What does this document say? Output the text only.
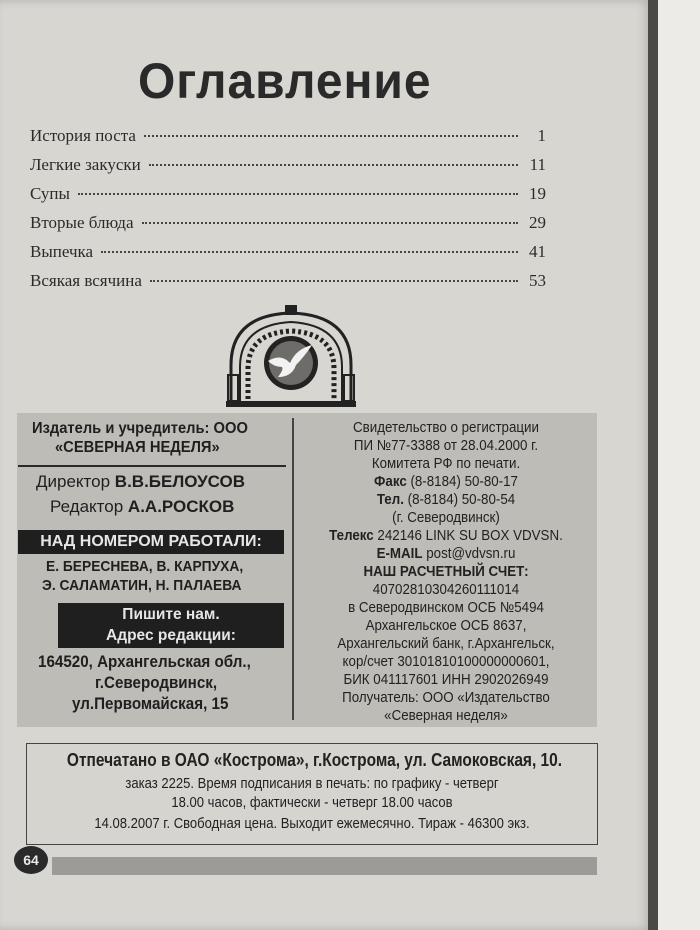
Оглавление
История поста	1
Легкие закуски	11
Супы	19
Вторые блюда	29
Выпечка	41
Всякая всячина	53
Издатель и учредитель: ООО
«СЕВЕРНАЯ НЕДЕЛЯ»
Директор В.В.БЕЛОУСОВ
Редактор А.А.РОСКОВ
НАД НОМЕРОМ РАБОТАЛИ:
Е. БЕРЕСНЕВА, В. КАРПУХА,
Э. САЛАМАТИН, Н. ПАЛАЕВА
Пишите нам.
Адрес редакции:
164520, Архангельская обл.,
г.Северодвинск,
ул.Первомайская, 15
Свидетельство о регистрации
ПИ №77-3388 от 28.04.2000 г.
Комитета РФ по печати.
Факс (8-8184) 50-80-17
Тел. (8-8184) 50-80-54
(г. Северодвинск)
Телекс 242146 LINK SU BOX VDVSN.
E-MAIL post@vdvsn.ru
НАШ РАСЧЕТНЫЙ СЧЕТ:
40702810304260111014
в Северодвинском ОСБ №5494
Архангельское ОСБ 8637,
Архангельский банк, г.Архангельск,
кор/счет 30101810100000000601,
БИК 041117601 ИНН 2902026949
Получатель: ООО «Издательство
«Северная неделя»
Отпечатано в ОАО «Кострома», г.Кострома, ул. Самоковская, 10.
заказ 2225. Время подписания в печать: по графику - четверг
18.00 часов, фактически - четверг 18.00 часов
14.08.2007 г. Свободная цена. Выходит ежемесячно. Тираж - 46300 экз.
64
